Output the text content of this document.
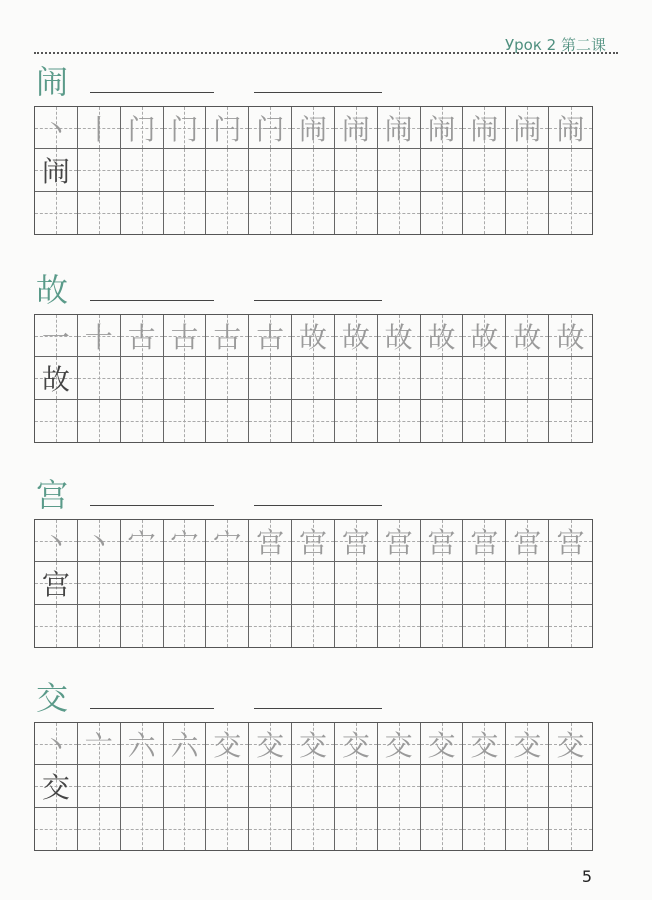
Урок 2 第二课
闹
丶 丨 门 门 闩 闩 闹 闹 闹 闹 闹 闹 闹
闹
故
一 十 古 古 古 古 故 故 故 故 故 故 故
故
宫
丶 丶 宀 宀 宀 宫 宫 宫 宫 宫 宫 宫 宫
宫
交
丶 亠 六 六 交 交 交 交 交 交 交 交 交
交
5
